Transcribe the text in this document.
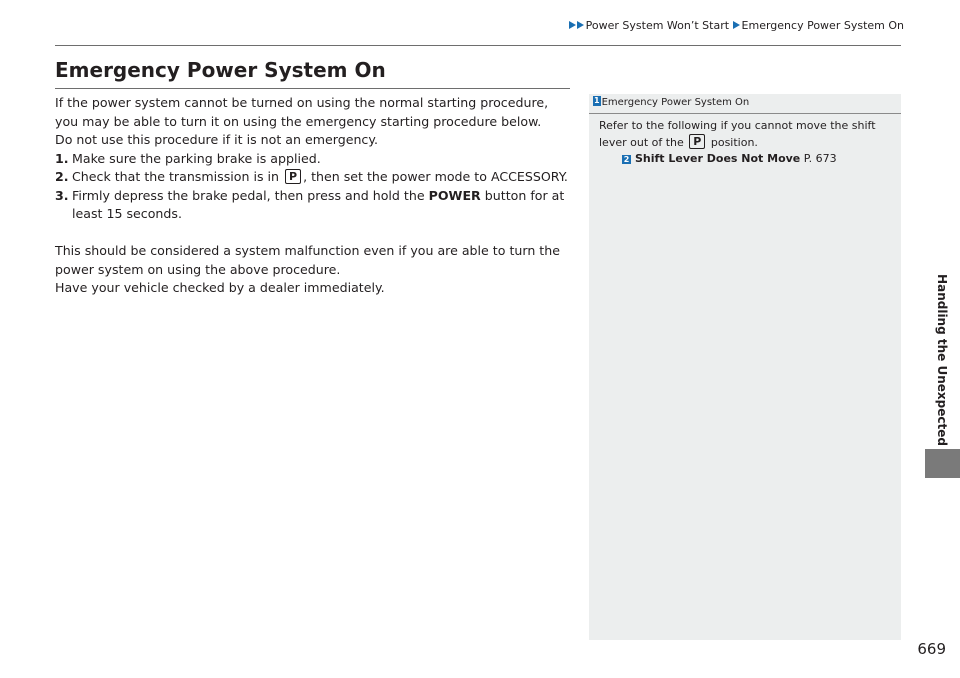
Power System Won’t Start Emergency Power System On
Emergency Power System On

If the power system cannot be turned on using the normal starting procedure, you may be able to turn it on using the emergency starting procedure below.

Do not use this procedure if it is not an emergency.

1. Make sure the parking brake is applied.
2. Check that the transmission is in P , then set the power mode to ACCESSORY.
3. Firmly depress the brake pedal, then press and hold the POWER button for at least 15 seconds.

This should be considered a system malfunction even if you are able to turn the power system on using the above procedure.

Have your vehicle checked by a dealer immediately.

1 Emergency Power System On

Refer to the following if you cannot move the shift lever out of the P position.

2 Shift Lever Does Not Move P. 673

Handling the Unexpected
669
